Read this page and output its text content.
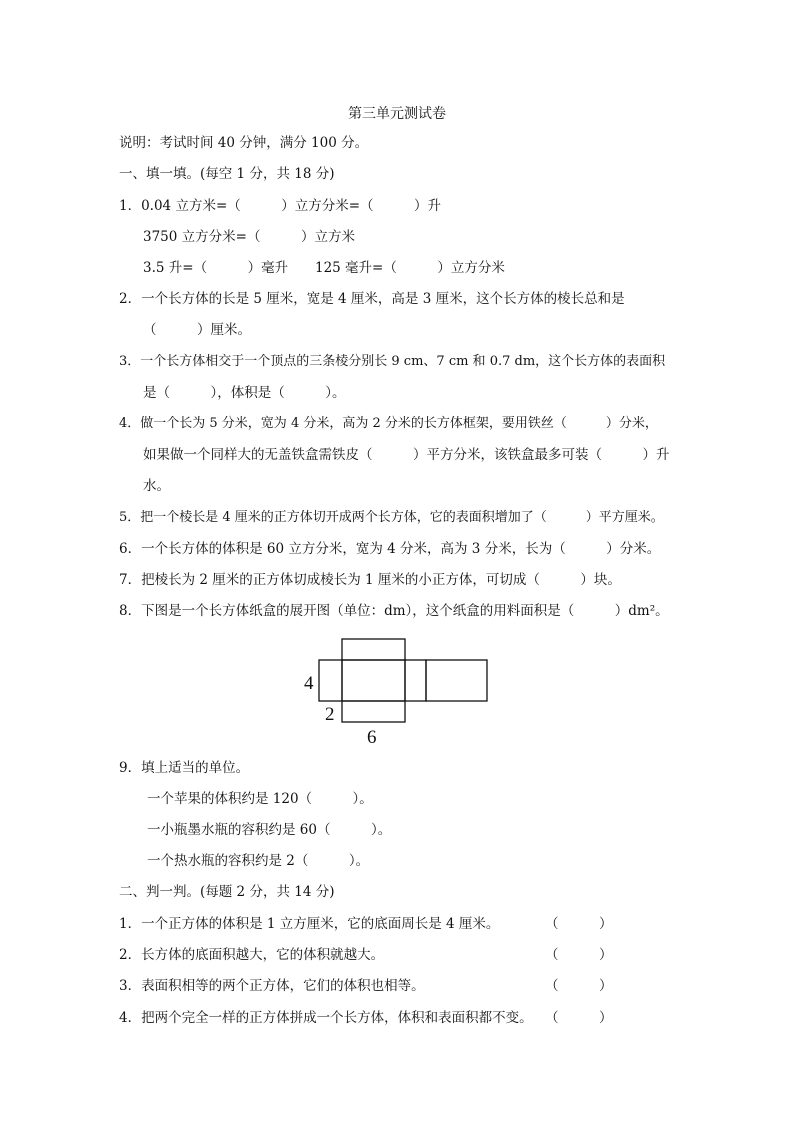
第三单元测试卷
说明：考试时间 40 分钟，满分 100 分。
一、填一填。(每空 1 分，共 18 分)
1．0.04 立方米=（　　　）立方分米=（　　　）升
3750 立方分米=（　　　）立方米
3.5 升=（　　　）毫升 125 毫升=（　　　）立方分米
2．一个长方体的长是 5 厘米，宽是 4 厘米，高是 3 厘米，这个长方体的棱长总和是
（　　　）厘米。
3．一个长方体相交于一个顶点的三条棱分别长 9 cm、7 cm 和 0.7 dm，这个长方体的表面积
是（　　　），体积是（　　　）。
4．做一个长为 5 分米，宽为 4 分米，高为 2 分米的长方体框架，要用铁丝（　　　）分米，
如果做一个同样大的无盖铁盒需铁皮（　　　）平方分米，该铁盒最多可装（　　　）升
水。
5．把一个棱长是 4 厘米的正方体切开成两个长方体，它的表面积增加了（　　　）平方厘米。
6．一个长方体的体积是 60 立方分米，宽为 4 分米，高为 3 分米，长为（　　　）分米。
7．把棱长为 2 厘米的正方体切成棱长为 1 厘米的小正方体，可切成（　　　）块。
8．下图是一个长方体纸盒的展开图（单位：dm），这个纸盒的用料面积是（　　　）dm²。
4
2
6
9．填上适当的单位。
一个苹果的体积约是 120（　　　）。
一小瓶墨水瓶的容积约是 60（　　　）。
一个热水瓶的容积约是 2（　　　）。
二、判一判。(每题 2 分，共 14 分)
1．一个正方体的体积是 1 立方厘米，它的底面周长是 4 厘米。	（　　　）
2．长方体的底面积越大，它的体积就越大。	（　　　）
3．表面积相等的两个正方体，它们的体积也相等。	（　　　）
4．把两个完全一样的正方体拼成一个长方体，体积和表面积都不变。 （　　　）
